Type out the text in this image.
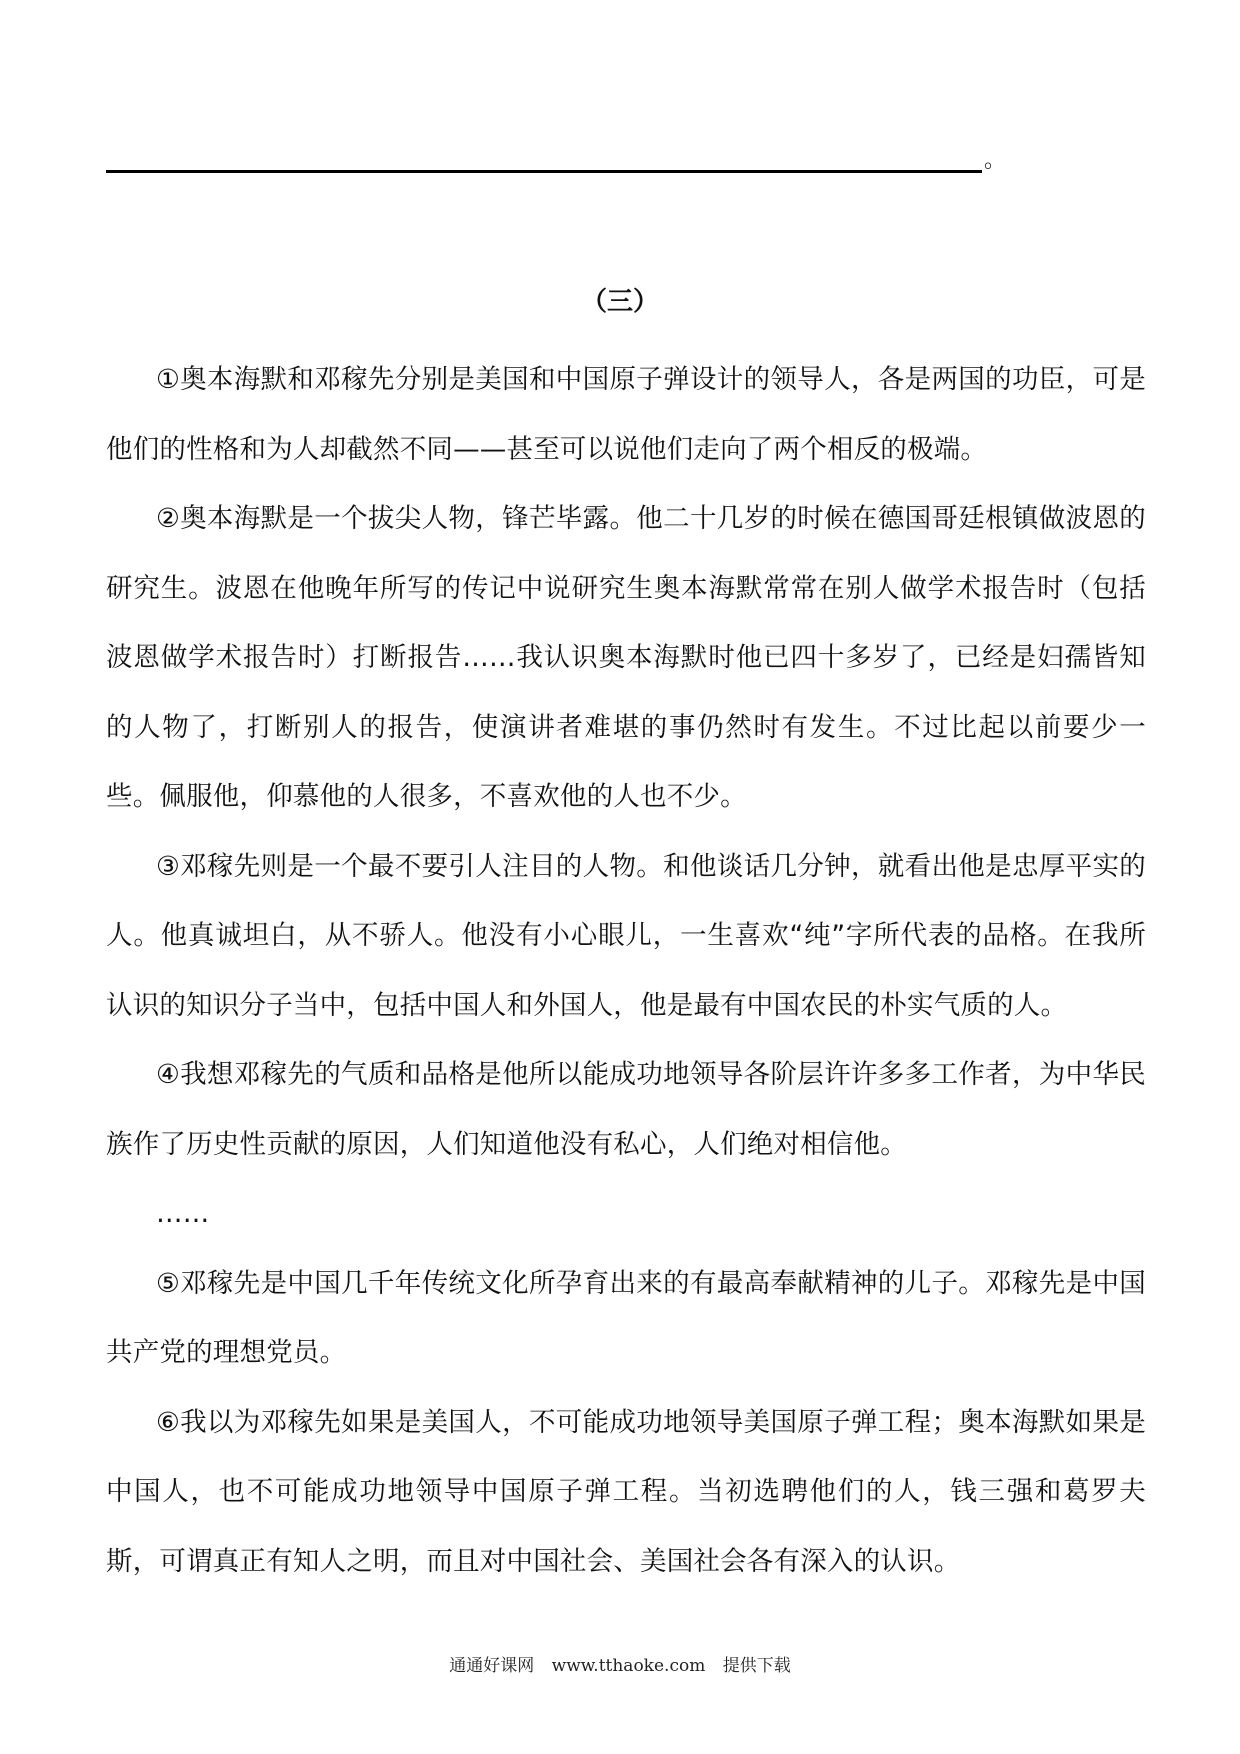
。
（三）

①奥本海默和邓稼先分别是美国和中国原子弹设计的领导人，各是两国的功臣，可是他们的性格和为人却截然不同——甚至可以说他们走向了两个相反的极端。

②奥本海默是一个拔尖人物，锋芒毕露。他二十几岁的时候在德国哥廷根镇做波恩的研究生。波恩在他晚年所写的传记中说研究生奥本海默常常在别人做学术报告时（包括波恩做学术报告时）打断报告……我认识奥本海默时他已四十多岁了，已经是妇孺皆知的人物了，打断别人的报告，使演讲者难堪的事仍然时有发生。不过比起以前要少一些。佩服他，仰慕他的人很多，不喜欢他的人也不少。

③邓稼先则是一个最不要引人注目的人物。和他谈话几分钟，就看出他是忠厚平实的人。他真诚坦白，从不骄人。他没有小心眼儿，一生喜欢“纯”字所代表的品格。在我所认识的知识分子当中，包括中国人和外国人，他是最有中国农民的朴实气质的人。

④我想邓稼先的气质和品格是他所以能成功地领导各阶层许许多多工作者，为中华民族作了历史性贡献的原因，人们知道他没有私心，人们绝对相信他。

……

⑤邓稼先是中国几千年传统文化所孕育出来的有最高奉献精神的儿子。邓稼先是中国共产党的理想党员。

⑥我以为邓稼先如果是美国人，不可能成功地领导美国原子弹工程；奥本海默如果是中国人，也不可能成功地领导中国原子弹工程。当初选聘他们的人，钱三强和葛罗夫斯，可谓真正有知人之明，而且对中国社会、美国社会各有深入的认识。

通通好课网 www.tthaoke.com 提供下载
